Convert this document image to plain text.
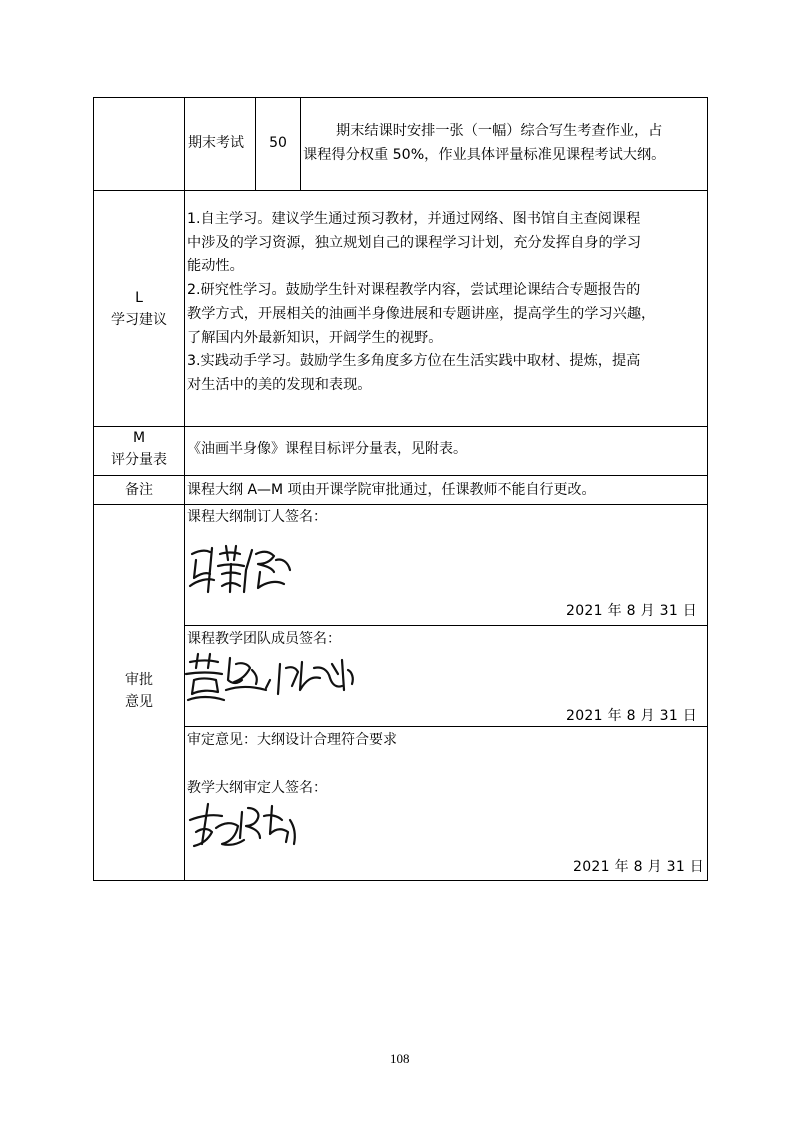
期末考试	50
期末结课时安排一张（一幅）综合写生考查作业，占
课程得分权重 50%，作业具体评量标准见课程考试大纲。
L
学习建议
1.自主学习。建议学生通过预习教材，并通过网络、图书馆自主查阅课程
中涉及的学习资源，独立规划自己的课程学习计划，充分发挥自身的学习
能动性。
2.研究性学习。鼓励学生针对课程教学内容，尝试理论课结合专题报告的
教学方式，开展相关的油画半身像进展和专题讲座，提高学生的学习兴趣，
了解国内外最新知识，开阔学生的视野。
3.实践动手学习。鼓励学生多角度多方位在生活实践中取材、提炼，提高
对生活中的美的发现和表现。
M
评分量表
《油画半身像》课程目标评分量表，见附表。
备注	课程大纲 A—M 项由开课学院审批通过，任课教师不能自行更改。
审批
意见
课程大纲制订人签名：
2021 年 8 月 31 日
课程教学团队成员签名：
2021 年 8 月 31 日
审定意见：大纲设计合理符合要求
教学大纲审定人签名：
2021 年 8 月 31 日
108
